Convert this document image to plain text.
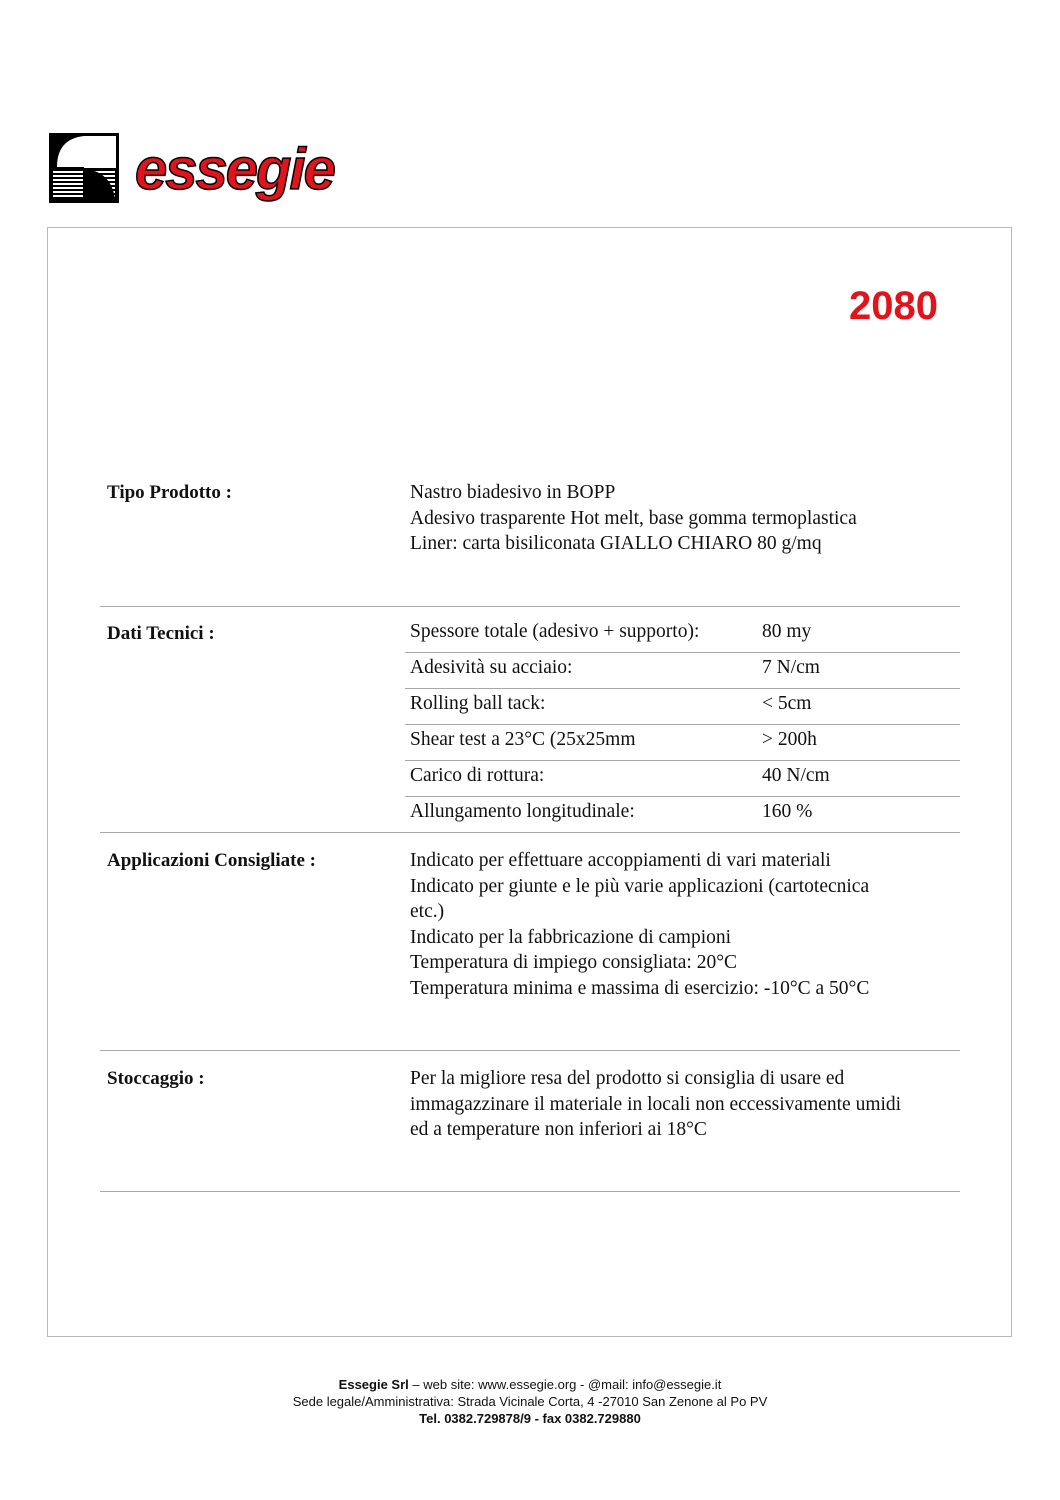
essegie
2080
Tipo Prodotto :	Nastro biadesivo in BOPP
Adesivo trasparente Hot melt, base gomma termoplastica
Liner: carta bisiliconata GIALLO CHIARO 80 g/mq
Dati Tecnici :	Spessore totale (adesivo + supporto):	80 my
Adesività su acciaio:	7 N/cm
Rolling ball tack:	< 5cm
Shear test a 23°C (25x25mm	> 200h
Carico di rottura:	40 N/cm
Allungamento longitudinale:	160 %
Applicazioni Consigliate :	Indicato per effettuare accoppiamenti di vari materiali
Indicato per giunte e le più varie applicazioni (cartotecnica
etc.)
Indicato per la fabbricazione di campioni
Temperatura di impiego consigliata: 20°C
Temperatura minima e massima di esercizio: -10°C a 50°C
Stoccaggio :	Per la migliore resa del prodotto si consiglia di usare ed
immagazzinare il materiale in locali non eccessivamente umidi
ed a temperature non inferiori ai 18°C
Essegie Srl – web site: www.essegie.org - @mail: info@essegie.it
Sede legale/Amministrativa: Strada Vicinale Corta, 4 -27010 San Zenone al Po PV
Tel. 0382.729878/9 - fax 0382.729880
